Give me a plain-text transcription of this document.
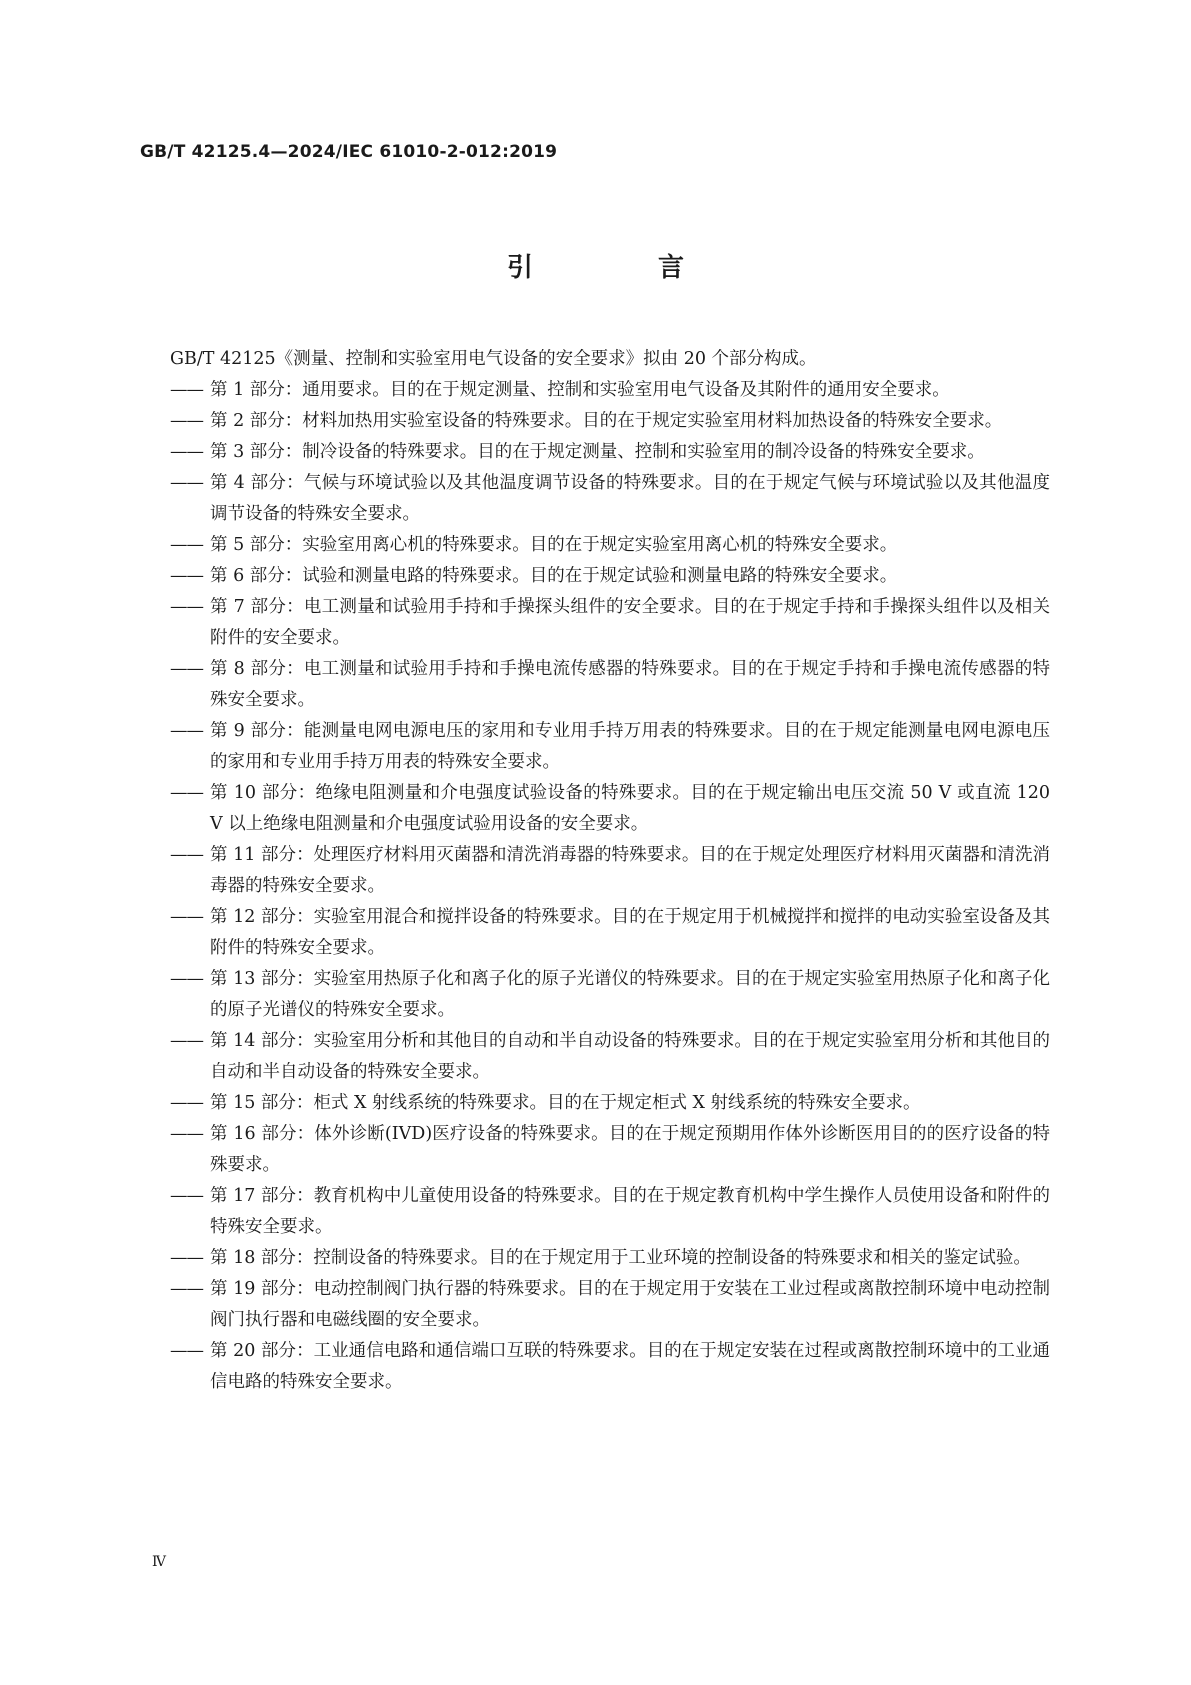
GB/T 42125.4—2024/IEC 61010-2-012:2019
引 言
GB/T 42125《测量、控制和实验室用电气设备的安全要求》拟由 20 个部分构成。
—— 第 1 部分：通用要求。目的在于规定测量、控制和实验室用电气设备及其附件的通用安全要求。
—— 第 2 部分：材料加热用实验室设备的特殊要求。目的在于规定实验室用材料加热设备的特殊安全要求。
—— 第 3 部分：制冷设备的特殊要求。目的在于规定测量、控制和实验室用的制冷设备的特殊安全要求。
—— 第 4 部分：气候与环境试验以及其他温度调节设备的特殊要求。目的在于规定气候与环境试验以及其他温度调节设备的特殊安全要求。
—— 第 5 部分：实验室用离心机的特殊要求。目的在于规定实验室用离心机的特殊安全要求。
—— 第 6 部分：试验和测量电路的特殊要求。目的在于规定试验和测量电路的特殊安全要求。
—— 第 7 部分：电工测量和试验用手持和手操探头组件的安全要求。目的在于规定手持和手操探头组件以及相关附件的安全要求。
—— 第 8 部分：电工测量和试验用手持和手操电流传感器的特殊要求。目的在于规定手持和手操电流传感器的特殊安全要求。
—— 第 9 部分：能测量电网电源电压的家用和专业用手持万用表的特殊要求。目的在于规定能测量电网电源电压的家用和专业用手持万用表的特殊安全要求。
—— 第 10 部分：绝缘电阻测量和介电强度试验设备的特殊要求。目的在于规定输出电压交流 50 V 或直流 120 V 以上绝缘电阻测量和介电强度试验用设备的安全要求。
—— 第 11 部分：处理医疗材料用灭菌器和清洗消毒器的特殊要求。目的在于规定处理医疗材料用灭菌器和清洗消毒器的特殊安全要求。
—— 第 12 部分：实验室用混合和搅拌设备的特殊要求。目的在于规定用于机械搅拌和搅拌的电动实验室设备及其附件的特殊安全要求。
—— 第 13 部分：实验室用热原子化和离子化的原子光谱仪的特殊要求。目的在于规定实验室用热原子化和离子化的原子光谱仪的特殊安全要求。
—— 第 14 部分：实验室用分析和其他目的自动和半自动设备的特殊要求。目的在于规定实验室用分析和其他目的自动和半自动设备的特殊安全要求。
—— 第 15 部分：柜式 X 射线系统的特殊要求。目的在于规定柜式 X 射线系统的特殊安全要求。
—— 第 16 部分：体外诊断(IVD)医疗设备的特殊要求。目的在于规定预期用作体外诊断医用目的的医疗设备的特殊要求。
—— 第 17 部分：教育机构中儿童使用设备的特殊要求。目的在于规定教育机构中学生操作人员使用设备和附件的特殊安全要求。
—— 第 18 部分：控制设备的特殊要求。目的在于规定用于工业环境的控制设备的特殊要求和相关的鉴定试验。
—— 第 19 部分：电动控制阀门执行器的特殊要求。目的在于规定用于安装在工业过程或离散控制环境中电动控制阀门执行器和电磁线圈的安全要求。
—— 第 20 部分：工业通信电路和通信端口互联的特殊要求。目的在于规定安装在过程或离散控制环境中的工业通信电路的特殊安全要求。
Ⅳ
